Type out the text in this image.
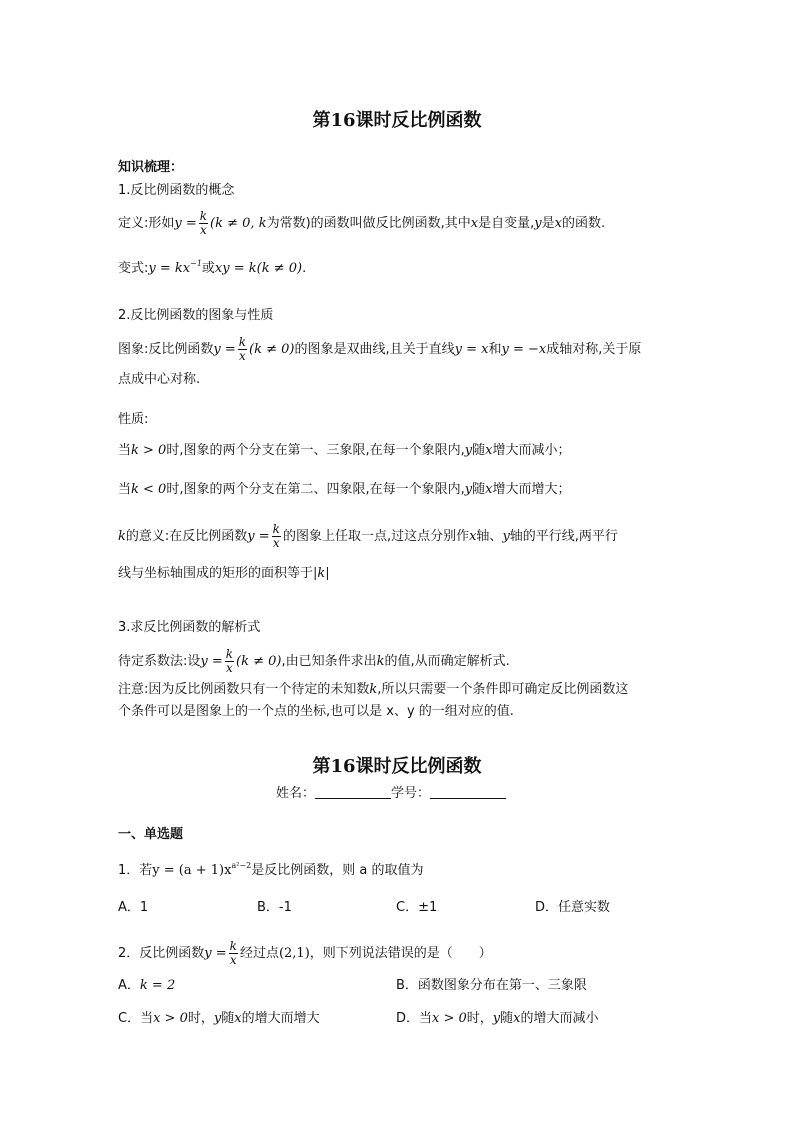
第16课时反比例函数
知识梳理：
1.反比例函数的概念
定义:形如$y = \frac{k}{x} (k \ne 0$, k为常数)的函数叫做反比例函数,其中x是自变量,y是x的函数.
变式:y = $kx^{-1}$或xy = k(k ≠ 0).
2.反比例函数的图象与性质
图象:反比例函数$y = \frac{k}{x} (k \ne 0)$的图象是双曲线,且关于直线y = x和y = −x成轴对称,关于原
点成中心对称.
性质:
当k > 0时,图象的两个分支在第一、三象限,在每一个象限内,y随x增大而减小；
当k < 0时,图象的两个分支在第二、四象限,在每一个象限内,y随x增大而增大；
k的意义:在反比例函数$y = \frac{k}{x}$ 的图象上任取一点,过这点分别作x轴、y轴的平行线,两平行
线与坐标轴围成的矩形的面积等于|k|
3.求反比例函数的解析式
待定系数法:设$y = \frac{k}{x} (k \ne 0)$,由已知条件求出k的值,从而确定解析式.
注意:因为反比例函数只有一个待定的未知数k,所以只需要一个条件即可确定反比例函数这
个条件可以是图象上的一个点的坐标,也可以是 x、y 的一组对应的值.
第16课时反比例函数
姓名：	学号：
一、单选题
1．若$y = (a + 1)x^{a^2-2}$是反比例函数，则 a 的取值为
A．1	B．-1	C．±1	D．任意实数
2．反比例函数$y = \frac{k}{x}$ 经过点(2,1)，则下列说法错误的是（　　）
A．k = 2	B．函数图象分布在第一、三象限
C．当x > 0时，y随x的增大而增大	D．当x > 0时，y随x的增大而减小
